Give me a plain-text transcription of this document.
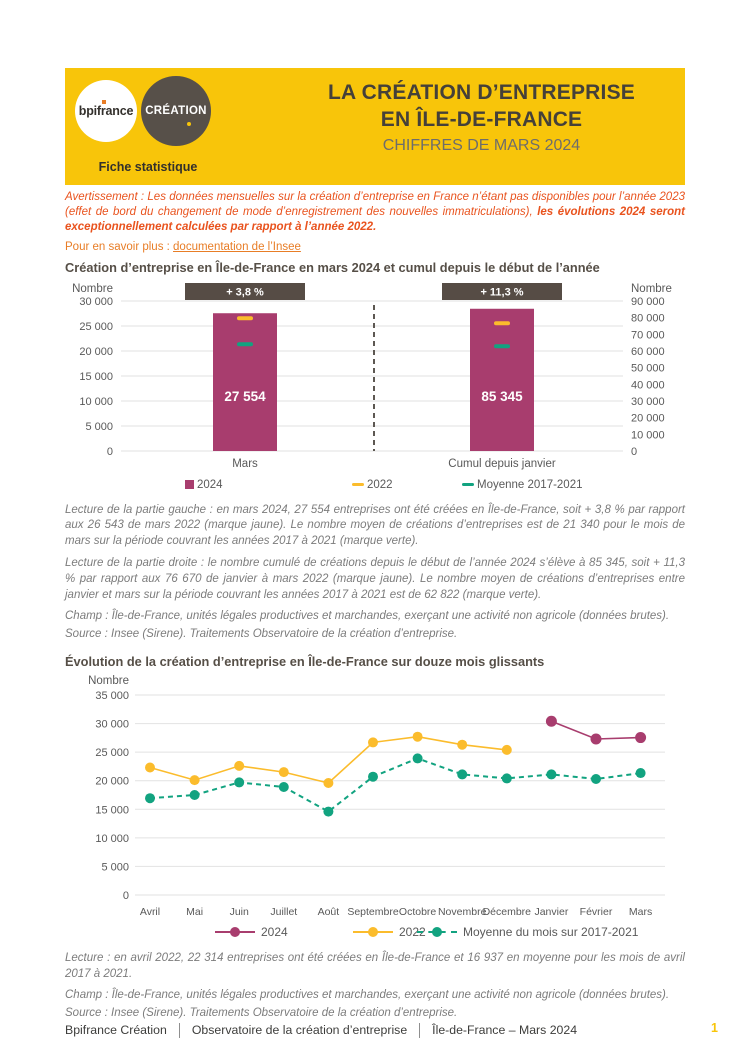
bpifrance CRÉATION
Fiche statistique
LA CRÉATION D’ENTREPRISE
EN ÎLE-DE-FRANCE
CHIFFRES DE MARS 2024

Avertissement : Les données mensuelles sur la création d’entreprise en France n’étant pas disponibles pour l’année 2023 (effet de bord du changement de mode d’enregistrement des nouvelles immatriculations), les évolutions 2024 seront exceptionnellement calculées par rapport à l’année 2022.

Pour en savoir plus : documentation de l’Insee

Création d’entreprise en Île-de-France en mars 2024 et cumul depuis le début de l’année
0
5 000
10 000
15 000
20 000
25 000
30 000
0
10 000
20 000
30 000
40 000
50 000
60 000
70 000
80 000
90 000
Nombre	Nombre
+ 3,8 %
27 554
Mars
+ 11,3 %
85 345
Cumul depuis janvier
2024	2022	Moyenne 2017-2021

Lecture de la partie gauche : en mars 2024, 27 554 entreprises ont été créées en Île-de-France, soit + 3,8 % par rapport aux 26 543 de mars 2022 (marque jaune). Le nombre moyen de créations d’entreprises est de 21 340 pour le mois de mars sur la période couvrant les années 2017 à 2021 (marque verte).

Lecture de la partie droite : le nombre cumulé de créations depuis le début de l’année 2024 s’élève à 85 345, soit + 11,3 % par rapport aux 76 670 de janvier à mars 2022 (marque jaune). Le nombre moyen de créations d’entreprises entre janvier et mars sur la période couvrant les années 2017 à 2021 est de 62 822 (marque verte).

Champ : Île-de-France, unités légales productives et marchandes, exerçant une activité non agricole (données brutes).

Source : Insee (Sirene). Traitements Observatoire de la création d’entreprise.

Évolution de la création d’entreprise en Île-de-France sur douze mois glissants
0
5 000
10 000
15 000
20 000
25 000
30 000
35 000
Nombre
Avril Mai	Juin Juillet Août Septembre Octobre Novembre
Décembre Janvier Février Mars
2024	2022	Moyenne du mois sur 2017-2021

Lecture : en avril 2022, 22 314 entreprises ont été créées en Île-de-France et 16 937 en moyenne pour les mois de avril 2017 à 2021.

Champ : Île-de-France, unités légales productives et marchandes, exerçant une activité non agricole (données brutes).

Source : Insee (Sirene). Traitements Observatoire de la création d’entreprise.

Bpifrance Création Observatoire de la création d’entreprise Île-de-France – Mars 2024	1
